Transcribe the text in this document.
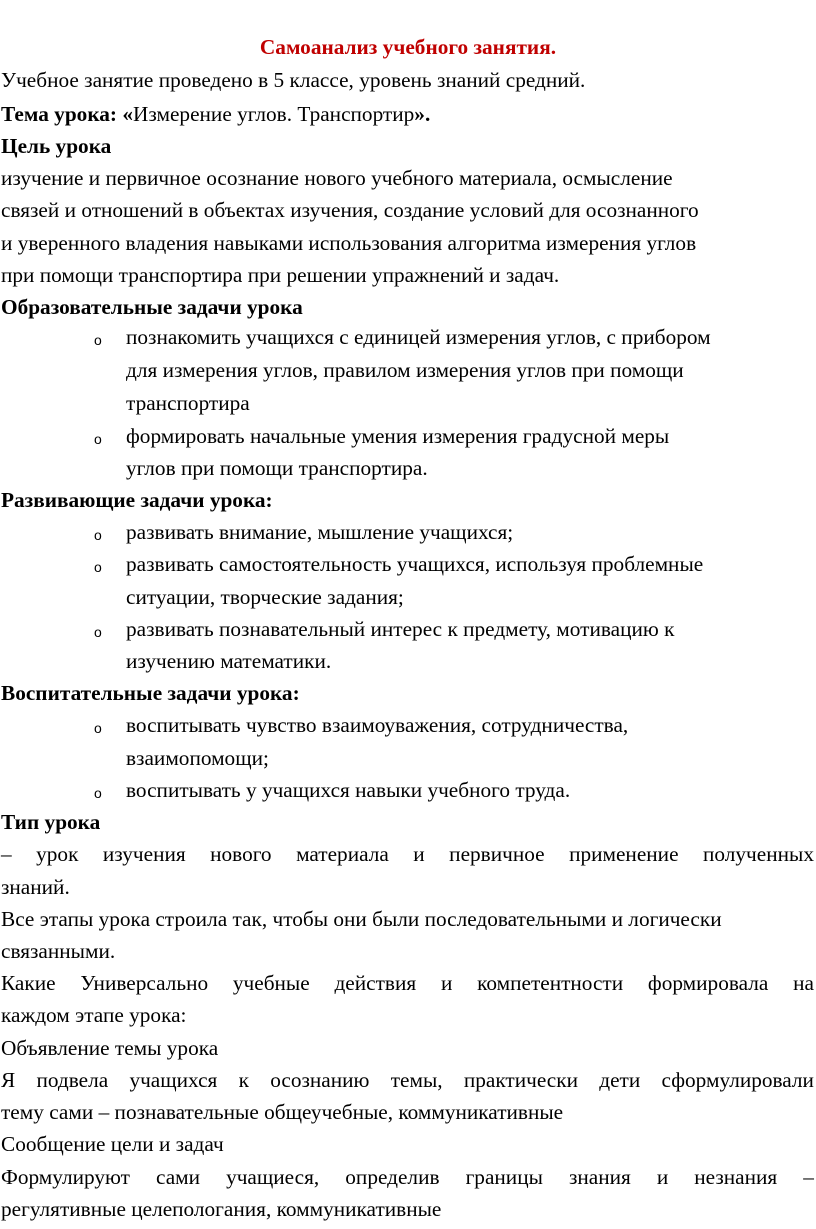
Самоанализ учебного занятия.
Учебное занятие проведено в 5 классе, уровень знаний средний.
Тема урока: «Измерение углов. Транспортир».
Цель урока
изучение и первичное осознание нового учебного материала, осмысление
связей и отношений в объектах изучения, создание условий для осознанного
и уверенного владения навыками использования алгоритма измерения углов
при помощи транспортира при решении упражнений и задач.
Образовательные задачи урока
o познакомить учащихся с единицей измерения углов, с прибором
для измерения углов, правилом измерения углов при помощи
транспортира
o формировать начальные умения измерения градусной меры
углов при помощи транспортира.
Развивающие задачи урока:
o развивать внимание, мышление учащихся;
o развивать самостоятельность учащихся, используя проблемные
ситуации, творческие задания;
o развивать познавательный интерес к предмету, мотивацию к
изучению математики.
Воспитательные задачи урока:
o воспитывать чувство взаимоуважения, сотрудничества,
взаимопомощи;
o воспитывать у учащихся навыки учебного труда.
Тип урока
– урок изучения нового материала и первичное применение полученных
знаний.
Все этапы урока строила так, чтобы они были последовательными и логически
связанными.
Какие Универсально учебные действия и компетентности формировала на
каждом этапе урока:
Объявление темы урока
Я подвела учащихся к осознанию темы, практически дети сформулировали
тему сами – познавательные общеучебные, коммуникативные
Сообщение цели и задач
Формулируют сами учащиеся, определив границы знания и незнания –
регулятивные целепологания, коммуникативные
